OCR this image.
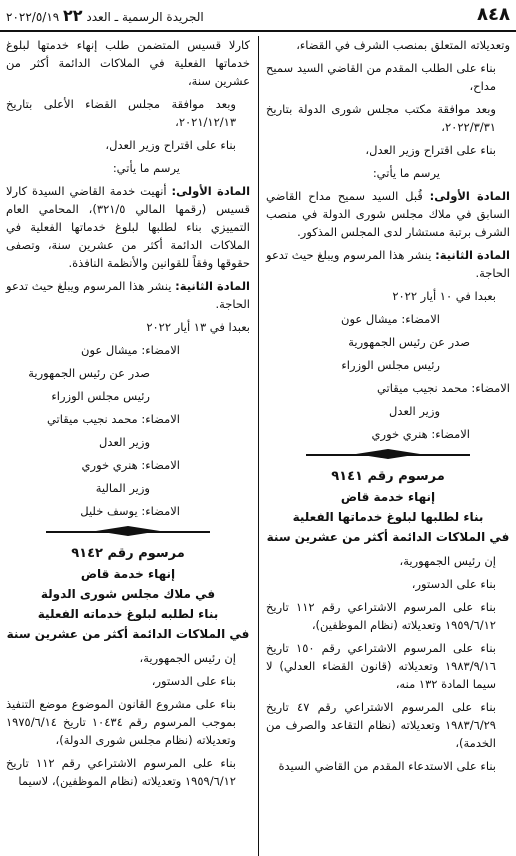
٨٤٨
الجريدة الرسمية ـ العدد ٢٢ ٢٠٢٢/٥/١٩

وتعديلاته المتعلق بمنصب الشرف في القضاء،

بناء على الطلب المقدم من القاضي السيد سميح مداح،

وبعد موافقة مكتب مجلس شورى الدولة بتاريخ ٢٠٢٢/٣/٣١،

بناء على اقتراح وزير العدل،

يرسم ما يأتي:

المادة الأولى: قُبل السيد سميح مداح القاضي السابق في ملاك مجلس شورى الدولة في منصب الشرف برتبة مستشار لدى المجلس المذكور.

المادة الثانية: ينشر هذا المرسوم ويبلغ حيث تدعو الحاجة.

بعبدا في ١٠ أيار ٢٠٢٢

الامضاء: ميشال عون

صدر عن رئيس الجمهورية

رئيس مجلس الوزراء

الامضاء: محمد نجيب ميقاتي

وزير العدل

الامضاء: هنري خوري

مرسوم رقم ٩١٤١
إنهاء خدمة قاض
بناء لطلبها لبلوغ خدماتها الفعلية
في الملاكات الدائمة أكثر من عشرين سنة

إن رئيس الجمهورية،

بناء على الدستور،

بناء على المرسوم الاشتراعي رقم ١١٢ تاريخ ١٩٥٩/٦/١٢ وتعديلاته (نظام الموظفين)،

بناء على المرسوم الاشتراعي رقم ١٥٠ تاريخ ١٩٨٣/٩/١٦ وتعديلاته (قانون القضاء العدلي) لا سيما المادة ١٣٢ منه،

بناء على المرسوم الاشتراعي رقم ٤٧ تاريخ ١٩٨٣/٦/٢٩ وتعديلاته (نظام التقاعد والصرف من الخدمة)،

بناء على الاستدعاء المقدم من القاضي السيدة

كارلا قسيس المتضمن طلب إنهاء خدمتها لبلوغ خدماتها الفعلية في الملاكات الدائمة أكثر من عشرين سنة،

وبعد موافقة مجلس القضاء الأعلى بتاريخ ٢٠٢١/١٢/١٣،

بناء على اقتراح وزير العدل،

يرسم ما يأتي:

المادة الأولى: أنهيت خدمة القاضي السيدة كارلا قسيس (رقمها المالي ٣٢١/٥)، المحامي العام التمييزي بناء لطلبها لبلوغ خدماتها الفعلية في الملاكات الدائمة أكثر من عشرين سنة، وتصفى حقوقها وفقاً للقوانين والأنظمة النافذة.

المادة الثانية: ينشر هذا المرسوم ويبلغ حيث تدعو الحاجة.

بعبدا في ١٣ أيار ٢٠٢٢

الامضاء: ميشال عون

صدر عن رئيس الجمهورية

رئيس مجلس الوزراء

الامضاء: محمد نجيب ميقاتي

وزير العدل

الامضاء: هنري خوري

وزير المالية

الامضاء: يوسف خليل

مرسوم رقم ٩١٤٢
إنهاء خدمة قاض
في ملاك مجلس شورى الدولة
بناء لطلبه لبلوغ خدماته الفعلية
في الملاكات الدائمة أكثر من عشرين سنة

إن رئيس الجمهورية،

بناء على الدستور،

بناء على مشروع القانون الموضوع موضع التنفيذ بموجب المرسوم رقم ١٠٤٣٤ تاريخ ١٩٧٥/٦/١٤ وتعديلاته (نظام مجلس شورى الدولة)،

بناء على المرسوم الاشتراعي رقم ١١٢ تاريخ ١٩٥٩/٦/١٢ وتعديلاته (نظام الموظفين)، لاسيما
